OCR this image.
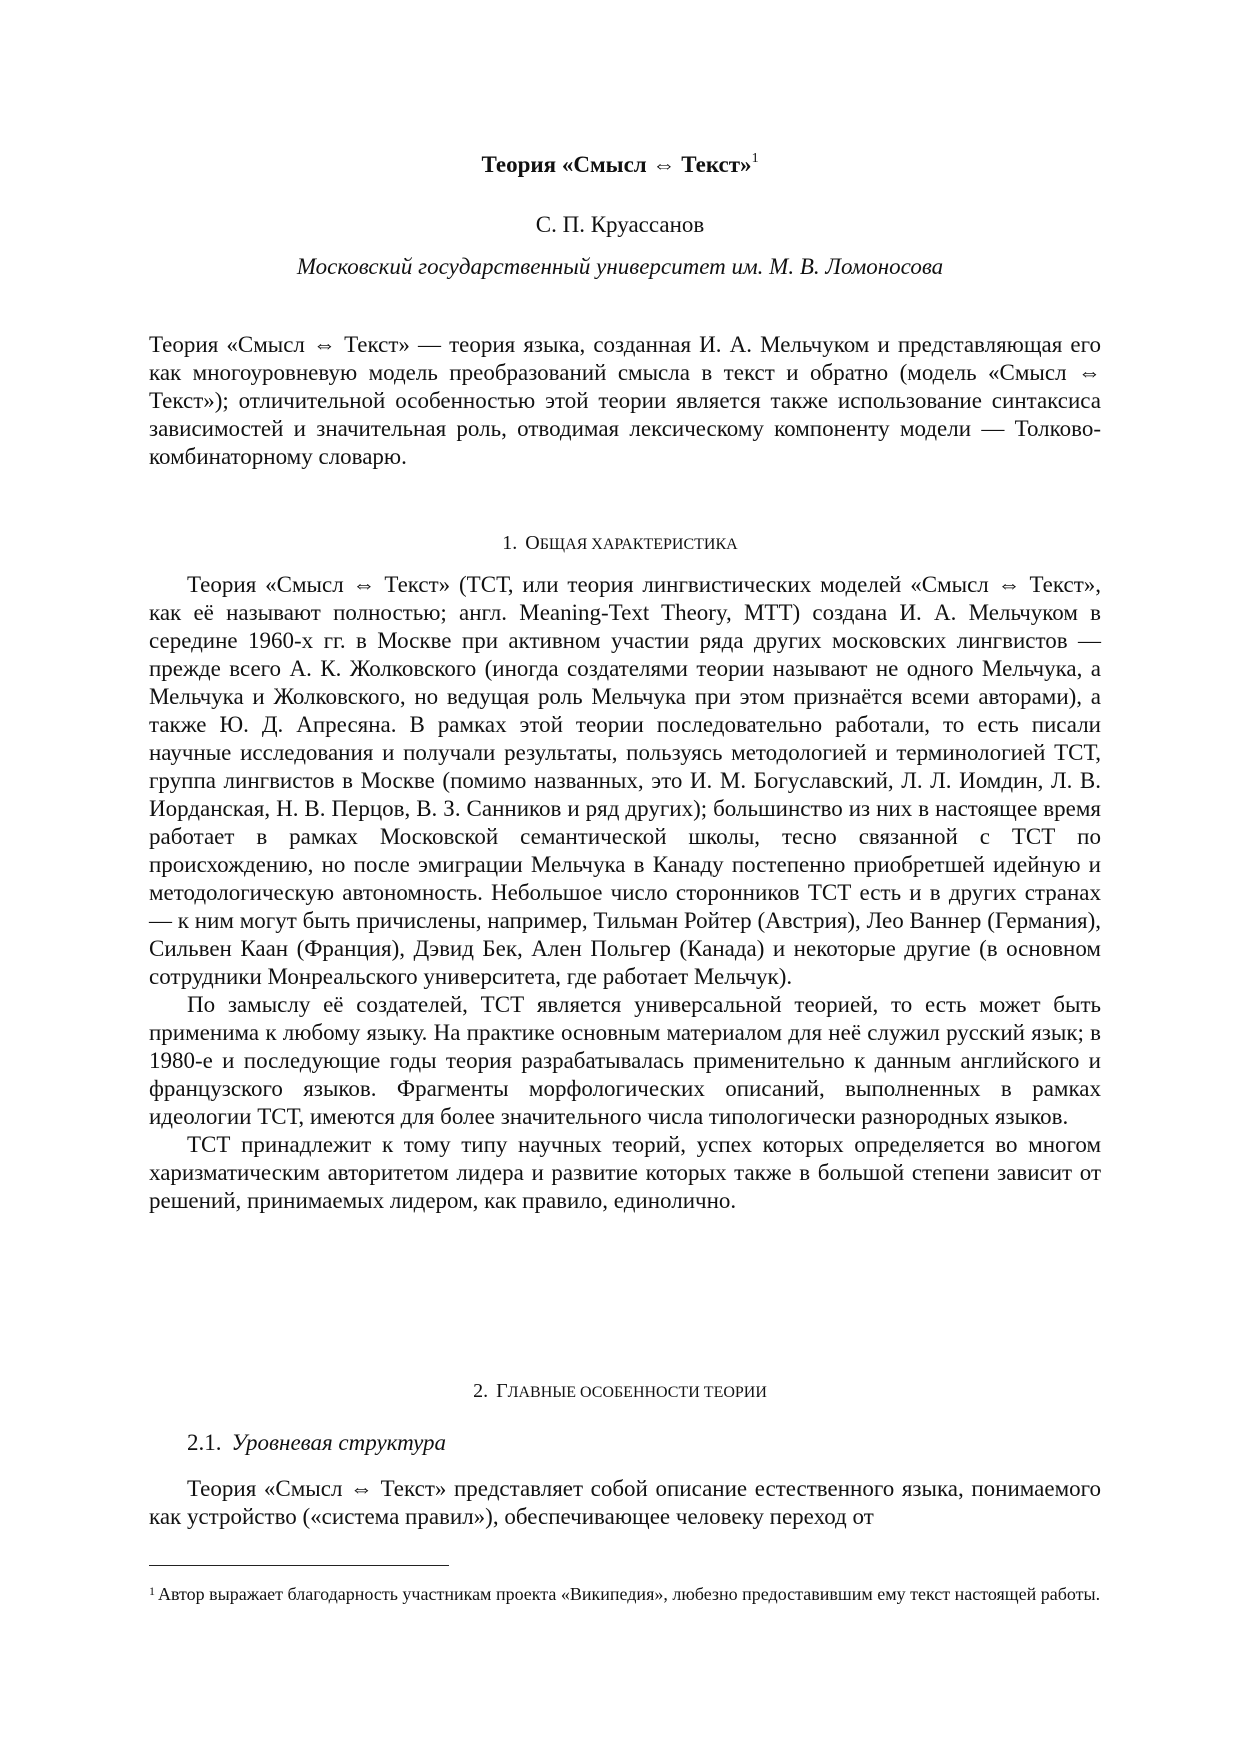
Теория «Смысл ⇔ Текст»$^1$
С. П. Круассанов
Московский государственный университет им. М. В. Ломоносова

Теория «Смысл ⇔ Текст» — теория языка, созданная И. А. Мельчуком и представляющая его как многоуровневую модель преобразований смысла в текст и обратно (модель «Смысл ⇔ Текст»); отличительной особенностью этой теории является также использование синтаксиса зависимостей и значительная роль, отводимая лексическому компоненту модели — Толково-комбинаторному словарю.

1. ОБЩАЯ ХАРАКТЕРИСТИКА

Теория «Смысл ⇔ Текст» (ТСТ, или теория лингвистических моделей «Смысл ⇔ Текст», как её называют полностью; англ. Meaning-Text Theory, MTT) создана И. А. Мельчуком в середине 1960-х гг. в Москве при активном участии ряда других московских лингвистов — прежде всего А. К. Жолковского (иногда создателями теории называют не одного Мельчука, а Мельчука и Жолковского, но ведущая роль Мельчука при этом признаётся всеми авторами), а также Ю. Д. Апресяна. В рамках этой теории последовательно работали, то есть писали научные исследования и получали результаты, пользуясь методологией и терминологией ТСТ, группа лингвистов в Москве (помимо названных, это И. М. Богуславский, Л. Л. Иомдин, Л. В. Иорданская, Н. В. Перцов, В. З. Санников и ряд других); большинство из них в настоящее время работает в рамках Московской семантической школы, тесно связанной с ТСТ по происхождению, но после эмиграции Мельчука в Канаду постепенно приобретшей идейную и методологическую автономность. Небольшое число сторонников ТСТ есть и в других странах — к ним могут быть причислены, например, Тильман Ройтер (Австрия), Лео Ваннер (Германия), Сильвен Каан (Франция), Дэвид Бек, Ален Польгер (Канада) и некоторые другие (в основном сотрудники Монреальского университета, где работает Мельчук).

По замыслу её создателей, ТСТ является универсальной теорией, то есть может быть применима к любому языку. На практике основным материалом для неё служил русский язык; в 1980-е и последующие годы теория разрабатывалась применительно к данным английского и французского языков. Фрагменты морфологических описаний, выполненных в рамках идеологии ТСТ, имеются для более значительного числа типологически разнородных языков.

ТСТ принадлежит к тому типу научных теорий, успех которых определяется во многом харизматическим авторитетом лидера и развитие которых также в большой степени зависит от решений, принимаемых лидером, как правило, единолично.

2. ГЛАВНЫЕ ОСОБЕННОСТИ ТЕОРИИ
2.1. Уровневая структура

Теория «Смысл ⇔ Текст» представляет собой описание естественного языка, понимаемого как устройство («система правил»), обеспечивающее человеку переход от

$^1$ Автор выражает благодарность участникам проекта «Википедия», любезно предоставившим ему текст настоящей работы.
